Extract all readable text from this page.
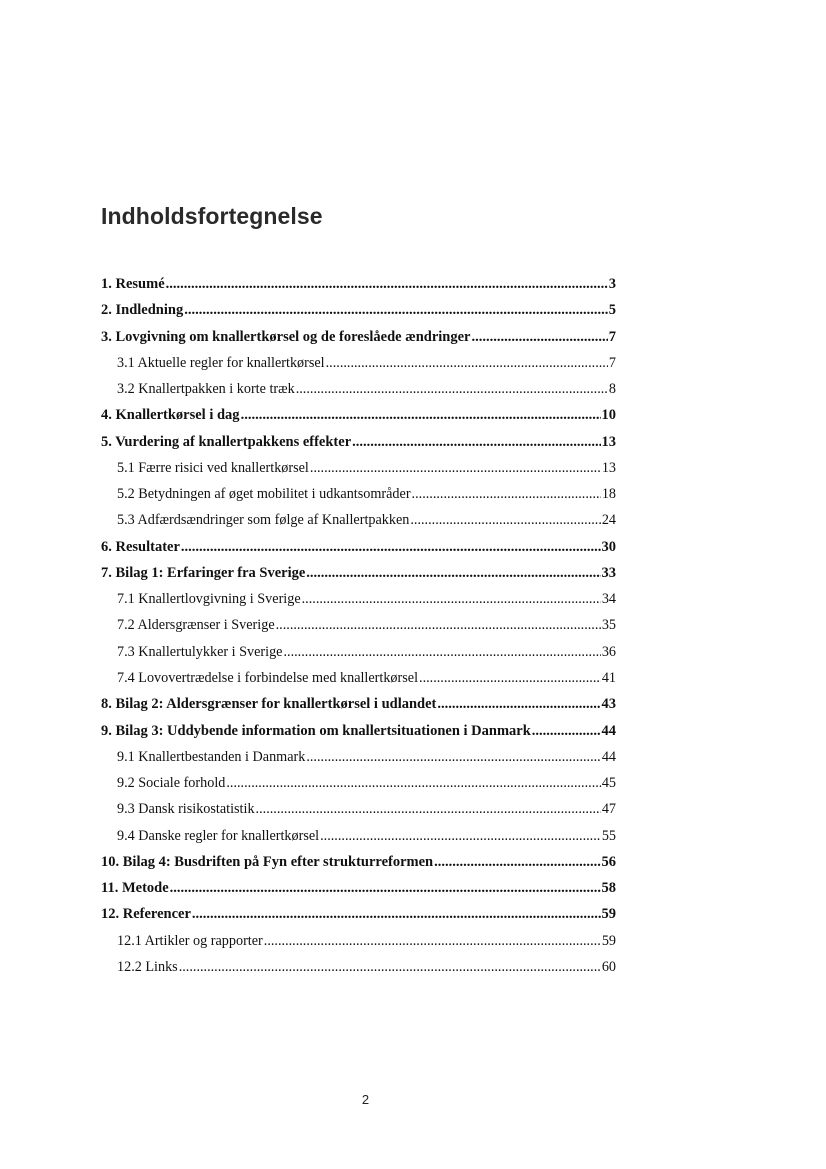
Indholdsfortegnelse
1. Resumé .....	3
2. Indledning .....	5
3. Lovgivning om knallertkørsel og de foreslåede ændringer .....	7
3.1 Aktuelle regler for knallertkørsel .....	7
3.2 Knallertpakken i korte træk .....	8
4. Knallertkørsel i dag .....	10
5. Vurdering af knallertpakkens effekter .....	13
5.1 Færre risici ved knallertkørsel .....	13
5.2 Betydningen af øget mobilitet i udkantsområder .....	18
5.3 Adfærdsændringer som følge af Knallertpakken .....	24
6. Resultater .....	30
7. Bilag 1: Erfaringer fra Sverige .....	33
7.1 Knallertlovgivning i Sverige .....	34
7.2 Aldersgrænser i Sverige .....	35
7.3 Knallertulykker i Sverige .....	36
7.4 Lovovertrædelse i forbindelse med knallertkørsel .....	41
8. Bilag 2: Aldersgrænser for knallertkørsel i udlandet .....	43
9. Bilag 3: Uddybende information om knallertsituationen i Danmark .....	44
9.1 Knallertbestanden i Danmark .....	44
9.2 Sociale forhold .....	45
9.3 Dansk risikostatistik .....	47
9.4 Danske regler for knallertkørsel .....	55
10. Bilag 4: Busdriften på Fyn efter strukturreformen .....	56
11. Metode .....	58
12. Referencer .....	59
12.1 Artikler og rapporter .....	59
12.2 Links .....	60
2
